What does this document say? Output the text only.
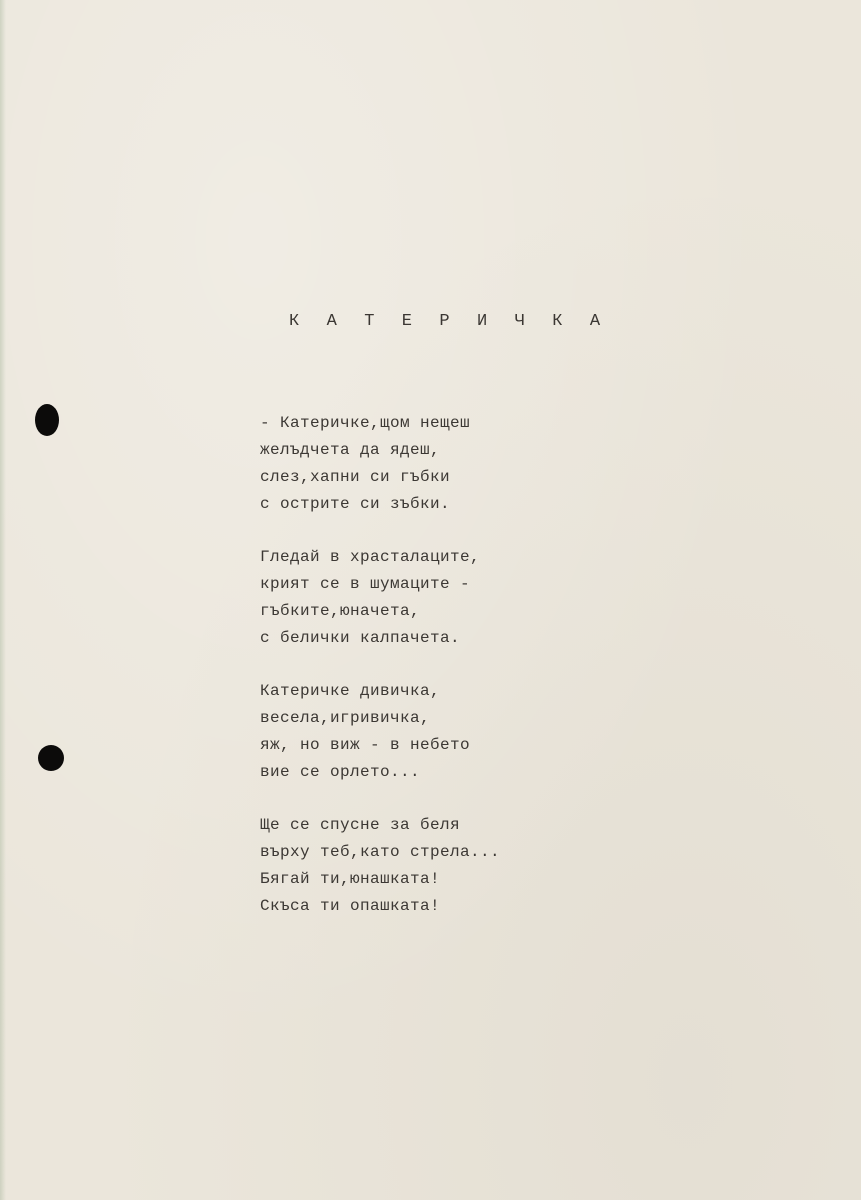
К А Т Е Р И Ч К А
- Катеричке,щом нещеш
желъдчета да ядеш,
слез,хапни си гъбки
с острите си зъбки.
Гледай в храсталаците,
крият се в шумаците -
гъбките,юначета,
с белички калпачета.
Катеричке дивичка,
весела,игривичка,
яж, но виж - в небето
вие се орлето...
Ще се спусне за беля
върху теб,като стрела...
Бягай ти,юнашката!
Скъса ти опашката!
